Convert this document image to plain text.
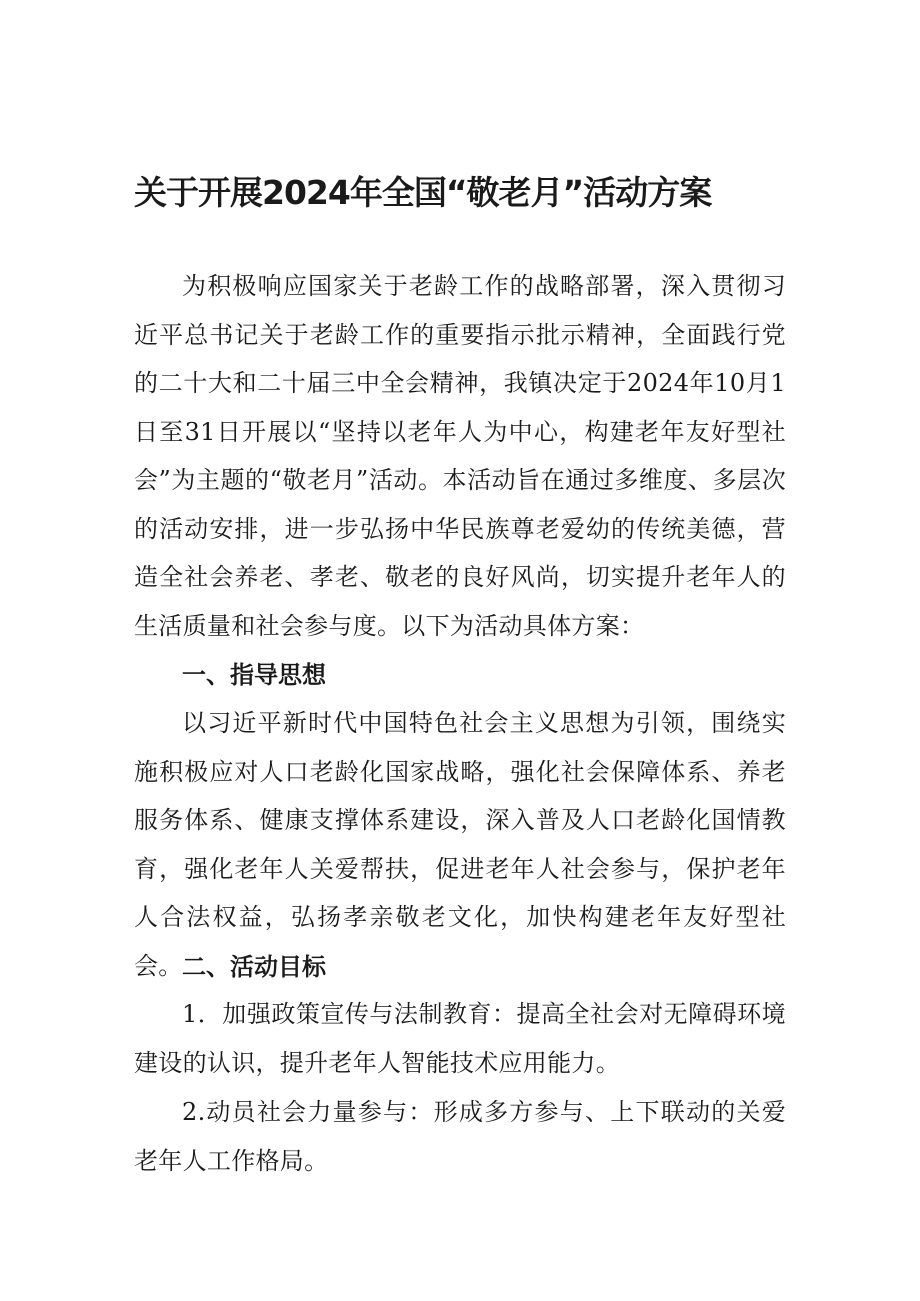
关于开展2024年全国“敬老月”活动方案

为积极响应国家关于老龄工作的战略部署，深入贯彻习近平总书记关于老龄工作的重要指示批示精神，全面践行党的二十大和二十届三中全会精神，我镇决定于2024年10月1日至31日开展以“坚持以老年人为中心，构建老年友好型社会”为主题的“敬老月”活动。本活动旨在通过多维度、多层次的活动安排，进一步弘扬中华民族尊老爱幼的传统美德，营造全社会养老、孝老、敬老的良好风尚，切实提升老年人的生活质量和社会参与度。以下为活动具体方案：

一、指导思想

以习近平新时代中国特色社会主义思想为引领，围绕实施积极应对人口老龄化国家战略，强化社会保障体系、养老服务体系、健康支撑体系建设，深入普及人口老龄化国情教育，强化老年人关爱帮扶，促进老年人社会参与，保护老年人合法权益，弘扬孝亲敬老文化，加快构建老年友好型社会。 二、活动目标

1．加强政策宣传与法制教育：提高全社会对无障碍环境建设的认识，提升老年人智能技术应用能力。

2.动员社会力量参与：形成多方参与、上下联动的关爱老年人工作格局。
